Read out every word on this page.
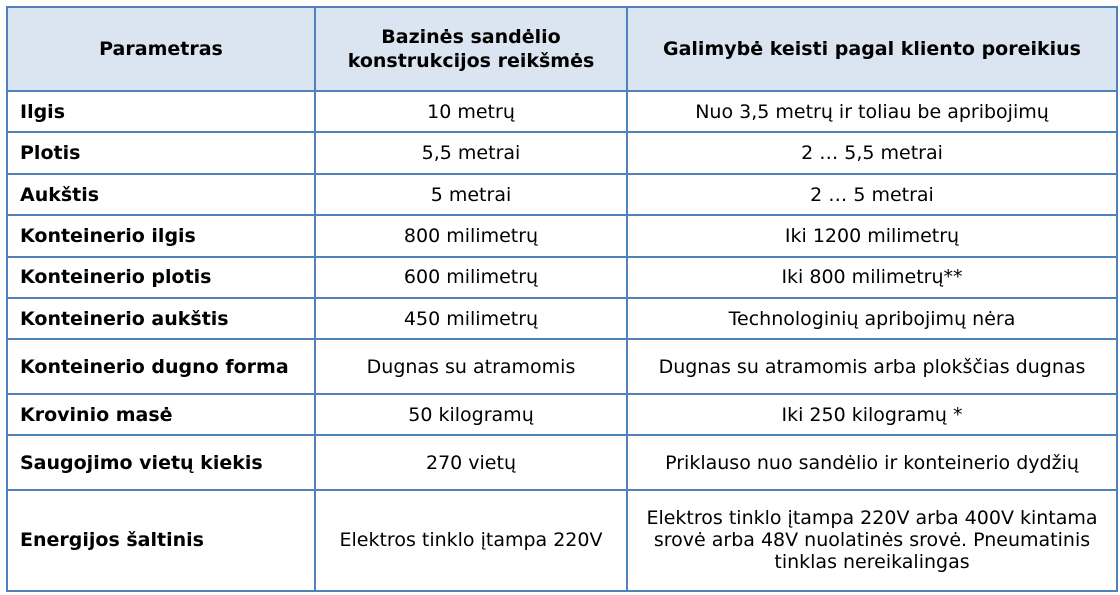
Parametras	Bazinės sandėlio konstrukcijos reikšmės	Galimybė keisti pagal kliento poreikius
Ilgis	10 metrų	Nuo 3,5 metrų ir toliau be apribojimų
Plotis	5,5 metrai	2 … 5,5 metrai
Aukštis	5 metrai	2 … 5 metrai
Konteinerio ilgis	800 milimetrų	Iki 1200 milimetrų
Konteinerio plotis	600 milimetrų	Iki 800 milimetrų**
Konteinerio aukštis	450 milimetrų	Technologinių apribojimų nėra
Konteinerio dugno forma	Dugnas su atramomis	Dugnas su atramomis arba plokščias dugnas
Krovinio masė	50 kilogramų	Iki 250 kilogramų *
Saugojimo vietų kiekis	270 vietų	Priklauso nuo sandėlio ir konteinerio dydžių
Energijos šaltinis	Elektros tinklo įtampa 220V	Elektros tinklo įtampa 220V arba 400V kintama srovė arba 48V nuolatinės srovė. Pneumatinis tinklas nereikalingas
